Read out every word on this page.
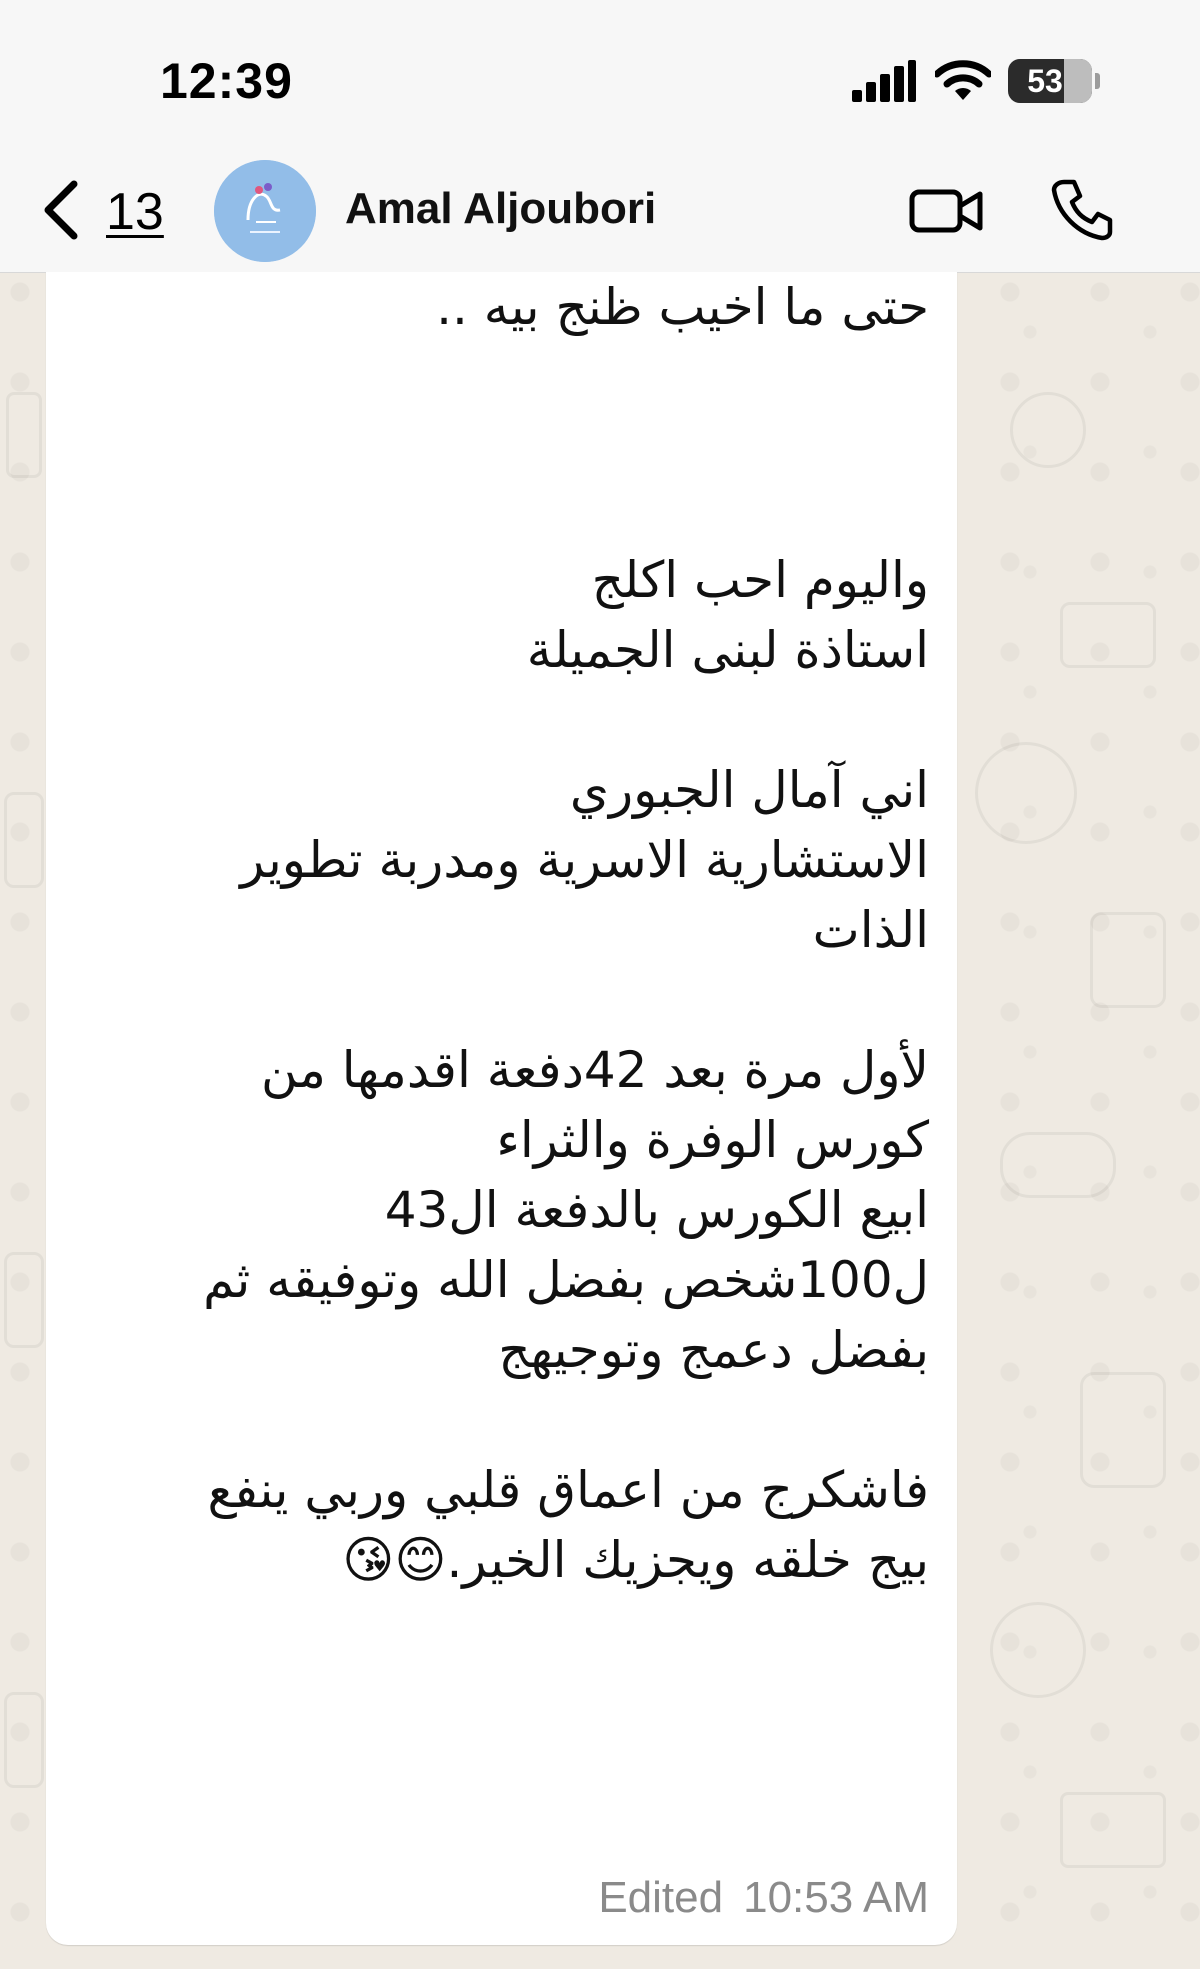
12:39	53
13	Amal Aljoubori
حتى ما اخيب ظنج بيه ..
واليوم احب اكلج
استاذة لبنى الجميلة
اني آمال الجبوري
الاستشارية الاسرية ومدربة تطوير
الذات
لأول مرة بعد 42دفعة اقدمها من
كورس الوفرة والثراء
ابيع الكورس بالدفعة ال43
ل100شخص بفضل الله وتوفيقه ثم
بفضل دعمج وتوجيهج
فاشكرج من اعماق قلبي وربي ينفع
بيج خلقه ويجزيك الخير.😊😘
Edited 10:53 AM
